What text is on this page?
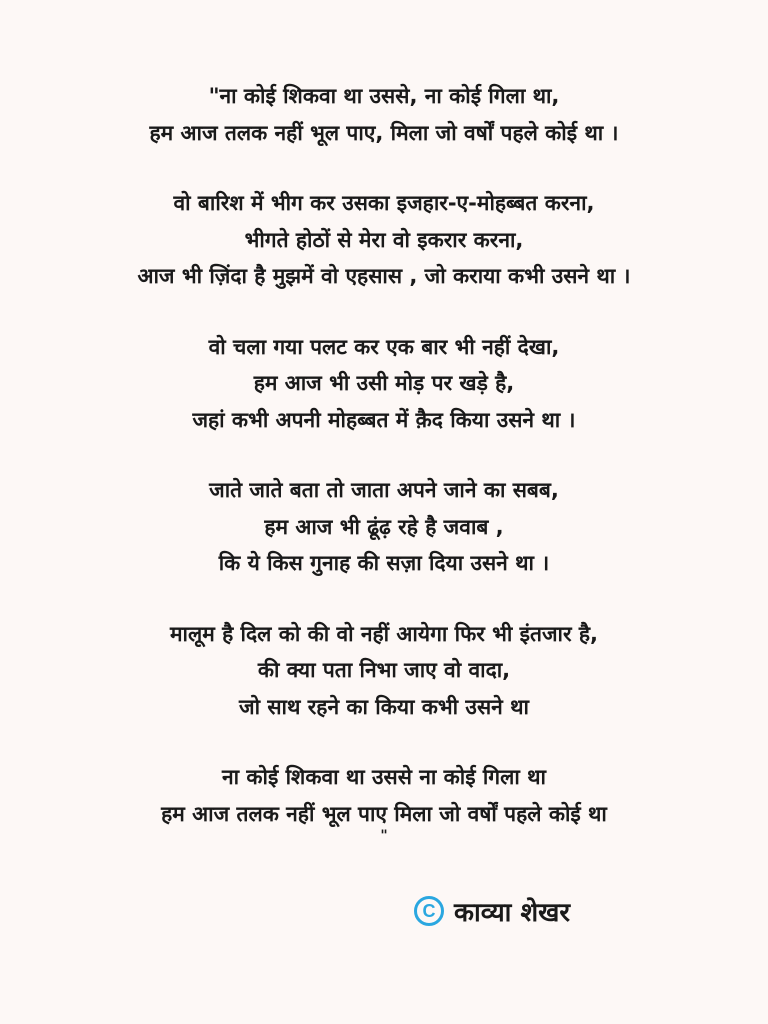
"ना कोई शिकवा था उससे, ना कोई गिला था,
हम आज तलक नहीं भूल पाए, मिला जो वर्षों पहले कोई था ।
वो बारिश में भीग कर उसका इजहार-ए-मोहब्बत करना,
भीगते होठों से मेरा वो इकरार करना,
आज भी ज़िंदा है मुझमें वो एहसास , जो कराया कभी उसने था ।
वो चला गया पलट कर एक बार भी नहीं देखा,
हम आज भी उसी मोड़ पर खड़े है,
जहां कभी अपनी मोहब्बत में क़ैद किया उसने था ।
जाते जाते बता तो जाता अपने जाने का सबब,
हम आज भी ढूंढ़ रहे है जवाब ,
कि ये किस गुनाह की सज़ा दिया उसने था ।
मालूम है दिल को की वो नहीं आयेगा फिर भी इंतजार है,
की क्या पता निभा जाए वो वादा,
जो साथ रहने का किया कभी उसने था
ना कोई शिकवा था उससे ना कोई गिला था
हम आज तलक नहीं भूल पाए मिला जो वर्षों पहले कोई था
"
C काव्या शेखर
